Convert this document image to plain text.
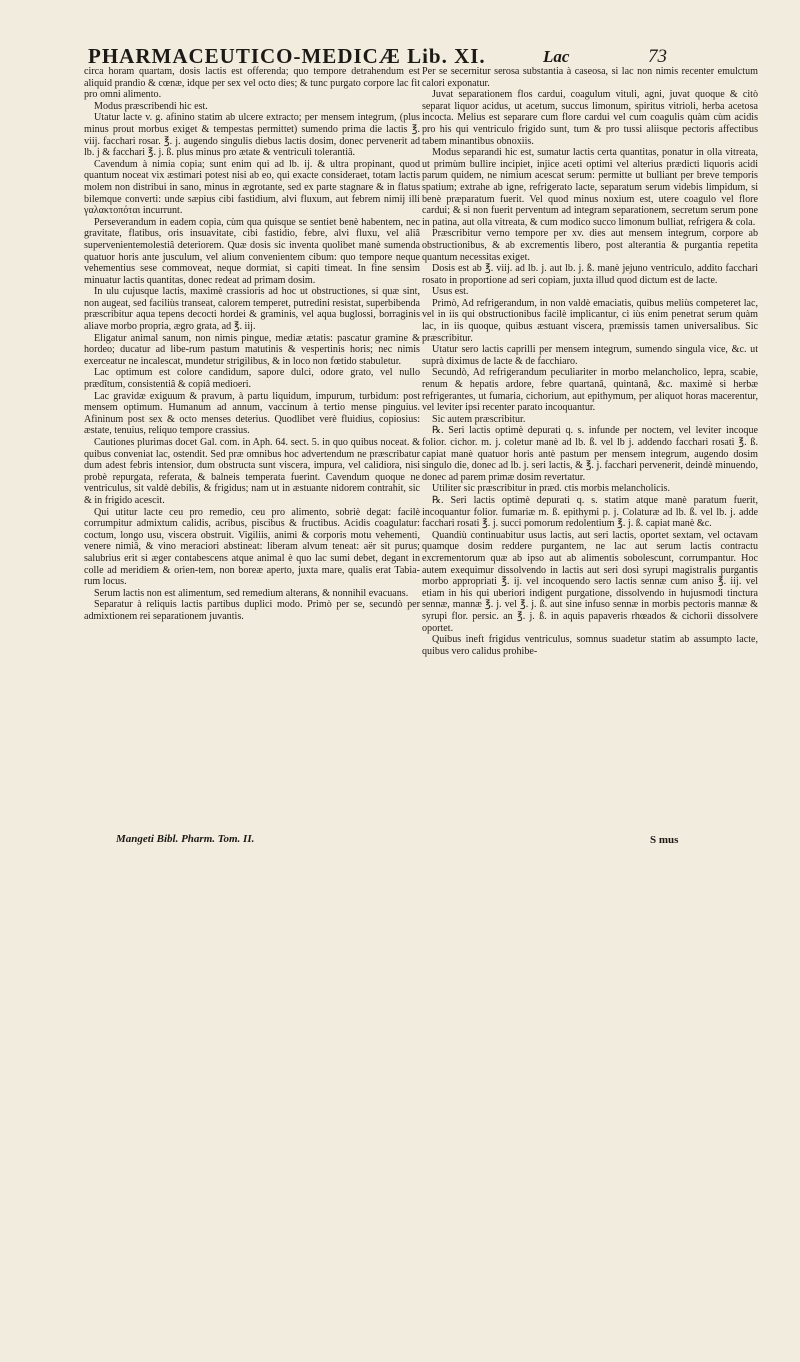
PHARMACEUTICO-MEDICÆ Lib. XI.	Lac	73

circa horam quartam, dosis lactis est offerenda; quo tempore detrahendum est aliquid prandio & cœnæ, idque per sex vel octo dies; & tunc purgato corpore lac fit pro omni alimento.

Modus præscribendi hic est.

Utatur lacte v. g. afinino statim ab ulcere extracto; per mensem integrum, (plus minus prout morbus exiget & tempestas permittet) sumendo prima die lactis ℥. viij. facchari rosar. ℥. j. augendo singulis diebus lactis dosim, donec pervenerit ad lb. j & facchari ℥. j. ß. plus minus pro ætate & ventriculi tolerantiâ.

Cavendum à nimia copia; sunt enim qui ad lb. ij. & ultra propinant, quod quantum noceat vix æstimari potest nisi ab eo, qui exacte consideraet, totam lactis molem non distribui in sano, minus in ægrotante, sed ex parte stagnare & in flatus bilemque converti: unde sæpius cibi fastidium, alvi fluxum, aut febrem nimij illi γαλακτοπόται incurrunt.

Perseverandum in eadem copia, cùm qua quisque se sentiet benè habentem, nec gravitate, flatibus, oris insuavitate, cibi fastidio, febre, alvi fluxu, vel aliâ supervenientemolestiâ deteriorem. Quæ dosis sic inventa quolibet manè sumenda quatuor horis ante jusculum, vel alium convenientem cibum: quo tempore neque vehementius sese commoveat, neque dormiat, si capiti timeat. In fine sensim minuatur lactis quantitas, donec redeat ad primam dosim.

In ulu cujusque lactis, maximè crassioris ad hoc ut obstructiones, si quæ sint, non augeat, sed faciliùs transeat, calorem temperet, putredini resistat, superbibenda præscribitur aqua tepens decocti hordei & graminis, vel aqua buglossi, borraginis aliave morbo propria, ægro grata, ad ℥. iij.

Eligatur animal sanum, non nimis pingue, mediæ ætatis: pascatur gramine & hordeo; ducatur ad libe-rum pastum matutinis & vespertinis horis; nec nimis exerceatur ne incalescat, mundetur strigilibus, & in loco non fœtido stabuletur.

Lac optimum est colore candidum, sapore dulci, odore grato, vel nullo prædîtum, consistentiâ & copiâ medioeri.

Lac gravidæ exiguum & pravum, à partu liquidum, impurum, turbidum: post mensem optimum. Humanum ad annum, vaccinum à tertio mense pinguius. Afininum post sex & octo menses deterius. Quodlibet verè fluidius, copiosius: æstate, tenuius, reliquo tempore crassius.

Cautiones plurimas docet Gal. com. in Aph. 64. sect. 5. in quo quibus noceat. & quibus conveniat lac, ostendit. Sed præ omnibus hoc advertendum ne præscribatur dum adest febris intensior, dum obstructa sunt viscera, impura, vel calidiora, nisi probè repurgata, referata, & balneis temperata fuerint. Cavendum quoque ne ventriculus, sit valdè debilis, & frigidus; nam ut in æstuante nidorem contrahit, sic & in frigido acescit.

Qui utitur lacte ceu pro remedio, ceu pro alimento, sobriè degat: facilè corrumpitur admixtum calidis, acribus, piscibus & fructibus. Acidis coagulatur: coctum, longo usu, viscera obstruit. Vigiliis, animi & corporis motu vehementi, venere nimiâ, & vino meraciori abstineat: liberam alvum teneat: aër sit purus; salubrius erit si æger contabescens atque animal è quo lac sumi debet, degant in colle ad meridiem & orien-tem, non boreæ aperto, juxta mare, qualis erat Tabia-rum locus.

Serum lactis non est alimentum, sed remedium alterans, & nonnihil evacuans.

Separatur à reliquis lactis partibus duplici modo. Primò per se, secundò per admixtionem rei separationem juvantis.

Per se secernitur serosa substantia à caseosa, si lac non nimis recenter emulctum calori exponatur.

Juvat separationem flos cardui, coagulum vituli, agni, juvat quoque & citò separat liquor acidus, ut acetum, succus limonum, spiritus vitrioli, herba acetosa incocta. Melius est separare cum flore cardui vel cum coagulis quàm cùm acidis pro his qui ventriculo frigido sunt, tum & pro tussi aliisque pectoris affectibus tabem minantibus obnoxiis.

Modus separandi hic est, sumatur lactis certa quantitas, ponatur in olla vitreata, ut primùm bullire incipiet, injice aceti optimi vel alterius prædicti liquoris acidi parum quidem, ne nimium acescat serum: permitte ut bulliant per breve temporis spatium; extrahe ab igne, refrigerato lacte, separatum serum videbis limpidum, si benè præparatum fuerit. Vel quod minus noxium est, utere coagulo vel flore cardui; & si non fuerit perventum ad integram separationem, secretum serum pone in patina, aut olla vitreata, & cum modico succo limonum bulliat, refrigera & cola.

Præscribitur verno tempore per xv. dies aut mensem integrum, corpore ab obstructionibus, & ab excrementis libero, post alterantia & purgantia repetita quantum necessitas exiget.

Dosis est ab ℥. viij. ad lb. j. aut lb. j. ß. manè jejuno ventriculo, addito facchari rosato in proportione ad seri copiam, juxta illud quod dictum est de lacte.

Usus est.

Primò, Ad refrigerandum, in non valdè emaciatis, quibus meliùs competeret lac, vel in iis qui obstructionibus facilè implicantur, ci iùs enim penetrat serum quàm lac, in iis quoque, quibus æstuant viscera, præmissis tamen universalibus. Sic præscribitur.

Utatur sero lactis caprilli per mensem integrum, sumendo singula vice, &c. ut suprà diximus de lacte & de facchiaro.

Secundò, Ad refrigerandum peculiariter in morbo melancholico, lepra, scabie, renum & hepatis ardore, febre quartanâ, quintanâ, &c. maximè si herbæ refrigerantes, ut fumaria, cichorium, aut epithymum, per aliquot horas macerentur, vel leviter ipsi recenter parato incoquantur.

Sic autem præscribitur.

℞. Seri lactis optimè depurati q. s. infunde per noctem, vel leviter incoque folior. cichor. m. j. coletur manè ad lb. ß. vel lb j. addendo facchari rosati ℥. ß. capiat manè quatuor horis antè pastum per mensem integrum, augendo dosim singulo die, donec ad lb. j. seri lactis, & ℥. j. facchari pervenerit, deindè minuendo, donec ad parem primæ dosim revertatur.

Utiliter sic præscribitur in præd. ctis morbis melancholicis.

℞. Seri lactis optimè depurati q. s. statim atque manè paratum fuerit, incoquantur folior. fumariæ m. ß. epithymi p. j. Colaturæ ad lb. ß. vel lb. j. adde facchari rosati ℥. j. succi pomorum redolentium ℥. j. ß. capiat manè &c.

Quandiù continuabitur usus lactis, aut seri lactis, oportet sextam, vel octavam quamque dosim reddere purgantem, ne lac aut serum lactis contractu excrementorum quæ ab ipso aut ab alimentis sobolescunt, corrumpantur. Hoc autem exequimur dissolvendo in lactis aut seri dosi syrupi magistralis purgantis morbo appropriati ℥. ij. vel incoquendo sero lactis sennæ cum aniso ℥. iij. vel etiam in his qui uberiori indigent purgatione, dissolvendo in hujusmodi tinctura sennæ, mannæ ℥. j. vel ℥. j. ß. aut sine infuso sennæ in morbis pectoris mannæ & syrupi flor. persic. an ℥. j. ß. in aquis papaveris rhœados & cichorii dissolvere oportet.

Quibus ineft frigidus ventriculus, somnus suadetur statim ab assumpto lacte, quibus vero calidus prohibe-

Mangeti Bibl. Pharm. Tom. II.	S mus
